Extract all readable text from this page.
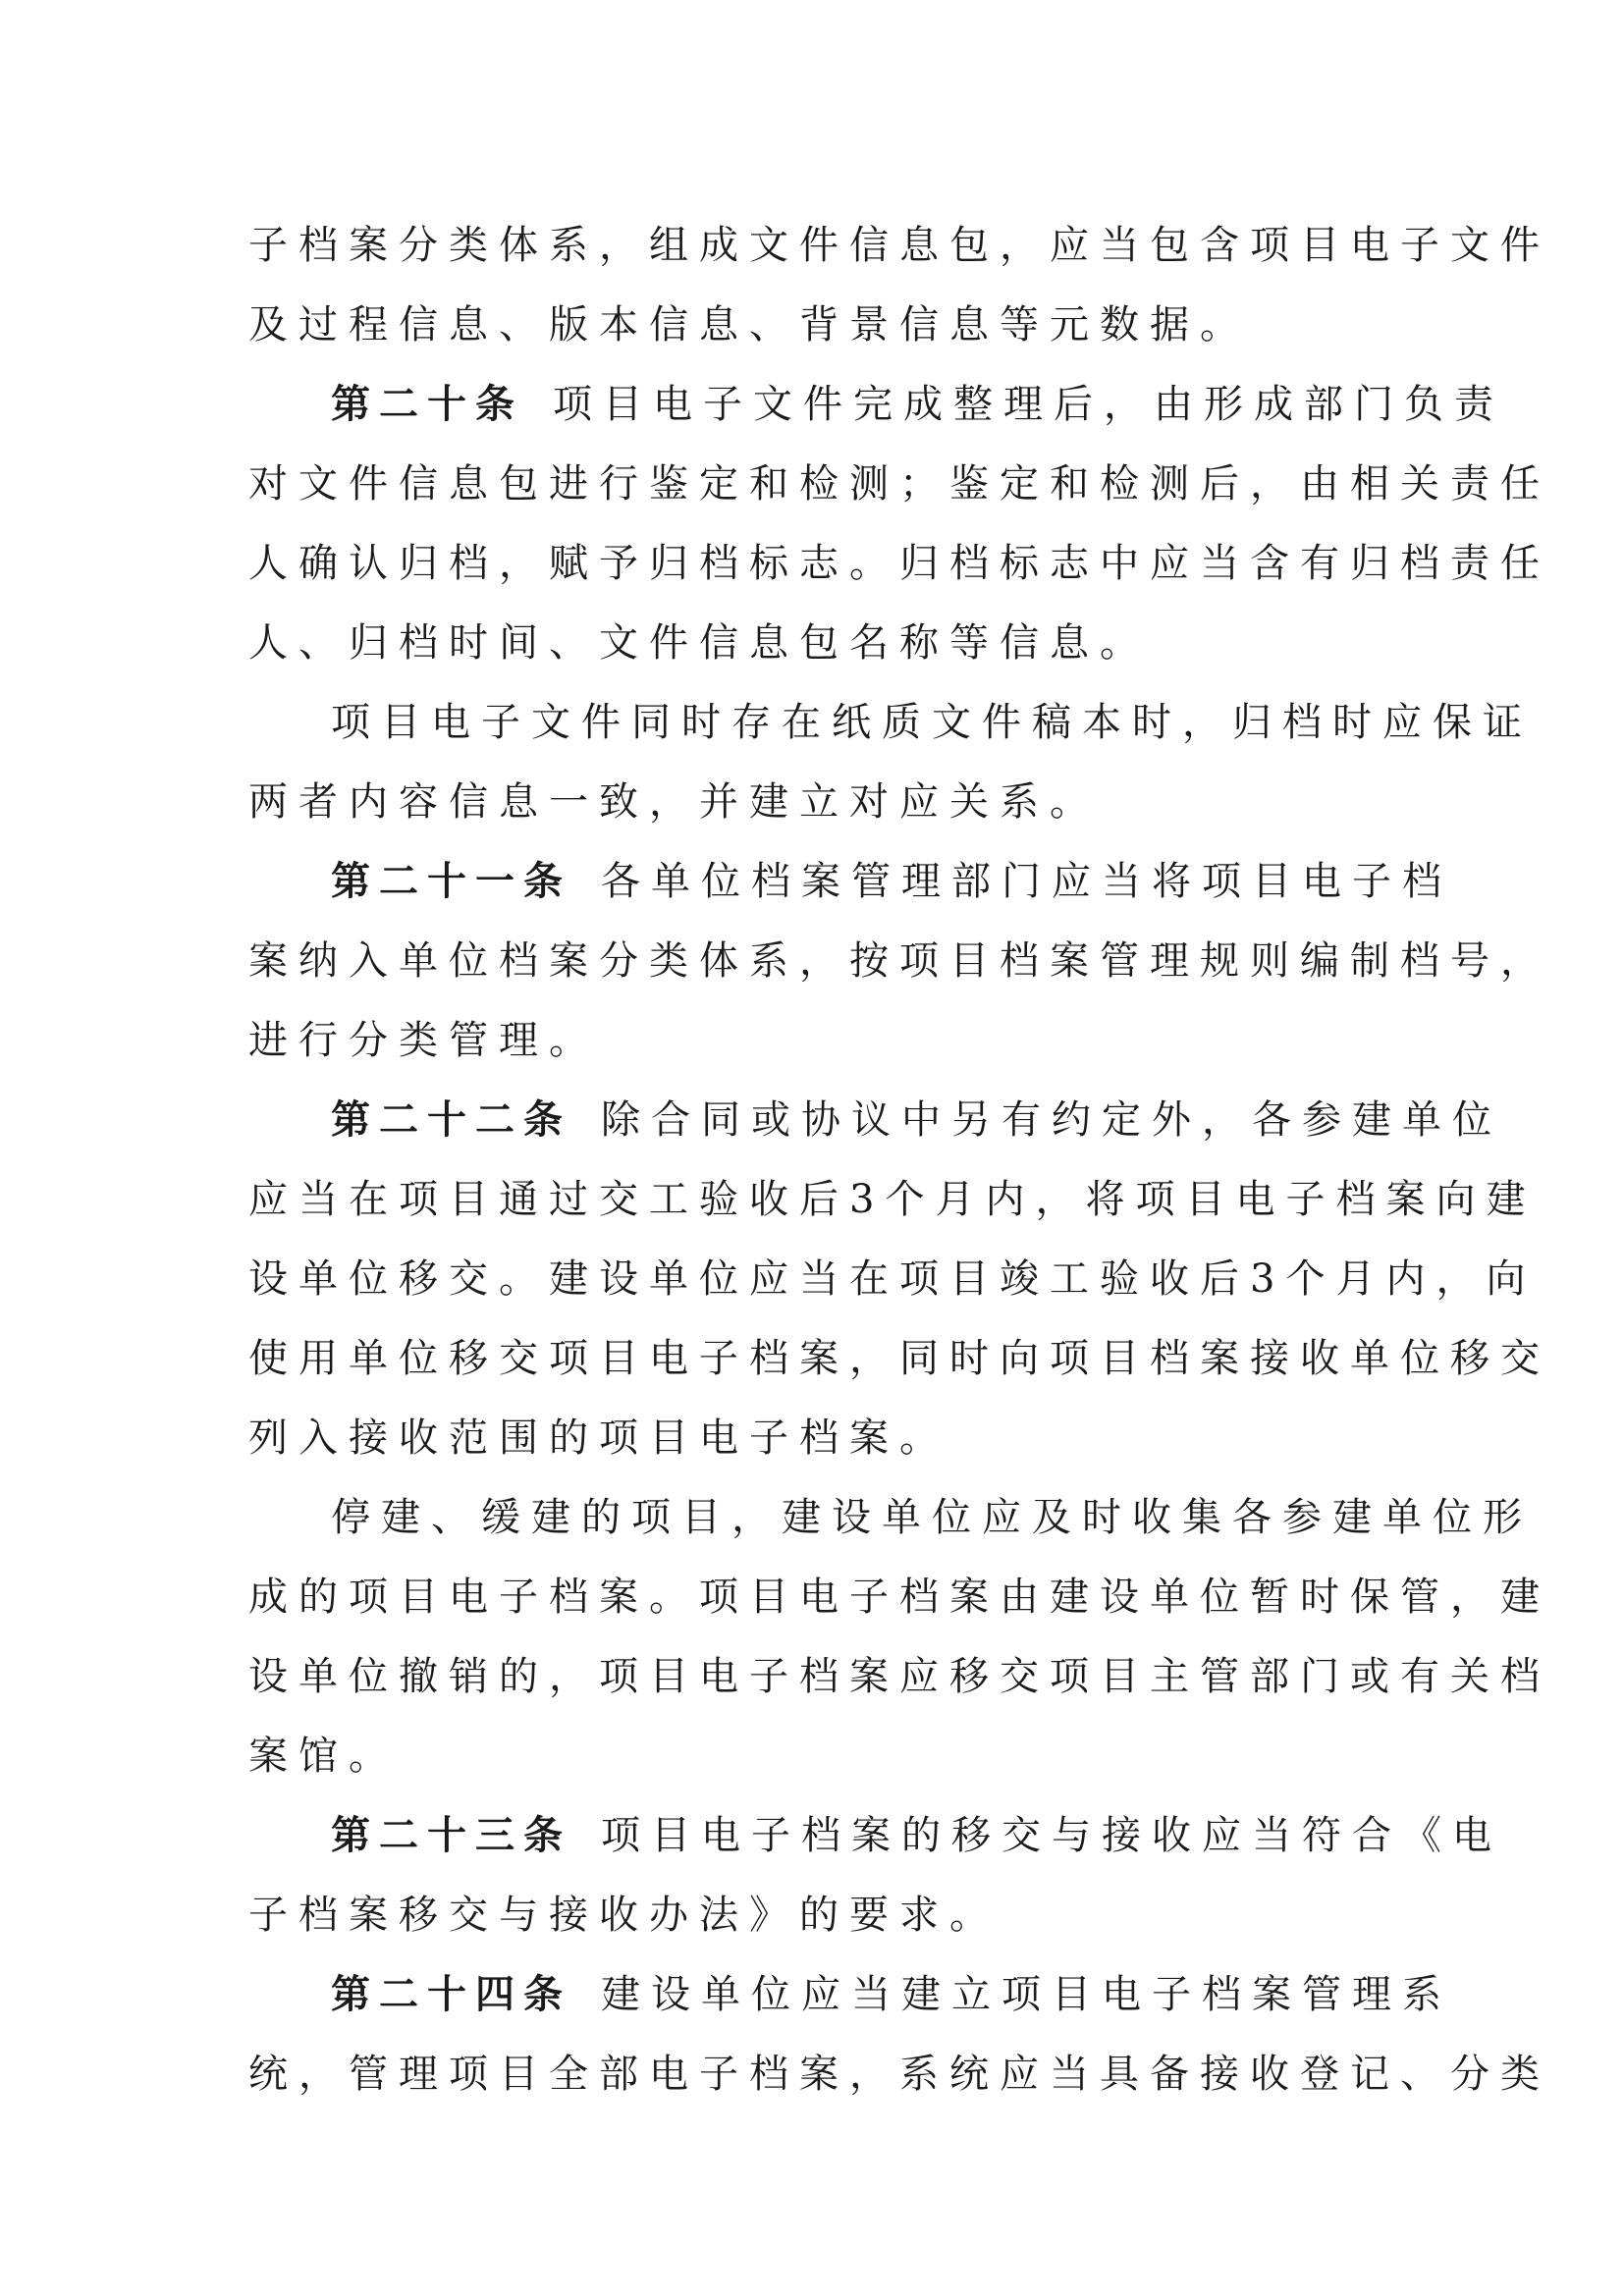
子档案分类体系，组成文件信息包，应当包含项目电子文件
及过程信息、版本信息、背景信息等元数据。
第二十条 项目电子文件完成整理后，由形成部门负责
对文件信息包进行鉴定和检测；鉴定和检测后，由相关责任
人确认归档，赋予归档标志。归档标志中应当含有归档责任
人、归档时间、文件信息包名称等信息。
项目电子文件同时存在纸质文件稿本时，归档时应保证
两者内容信息一致，并建立对应关系。
第二十一条 各单位档案管理部门应当将项目电子档
案纳入单位档案分类体系，按项目档案管理规则编制档号，
进行分类管理。
第二十二条 除合同或协议中另有约定外，各参建单位
应当在项目通过交工验收后3个月内，将项目电子档案向建
设单位移交。建设单位应当在项目竣工验收后3个月内，向
使用单位移交项目电子档案，同时向项目档案接收单位移交
列入接收范围的项目电子档案。
停建、缓建的项目，建设单位应及时收集各参建单位形
成的项目电子档案。项目电子档案由建设单位暂时保管，建
设单位撤销的，项目电子档案应移交项目主管部门或有关档
案馆。
第二十三条 项目电子档案的移交与接收应当符合《电
子档案移交与接收办法》的要求。
第二十四条 建设单位应当建立项目电子档案管理系
统，管理项目全部电子档案，系统应当具备接收登记、分类
